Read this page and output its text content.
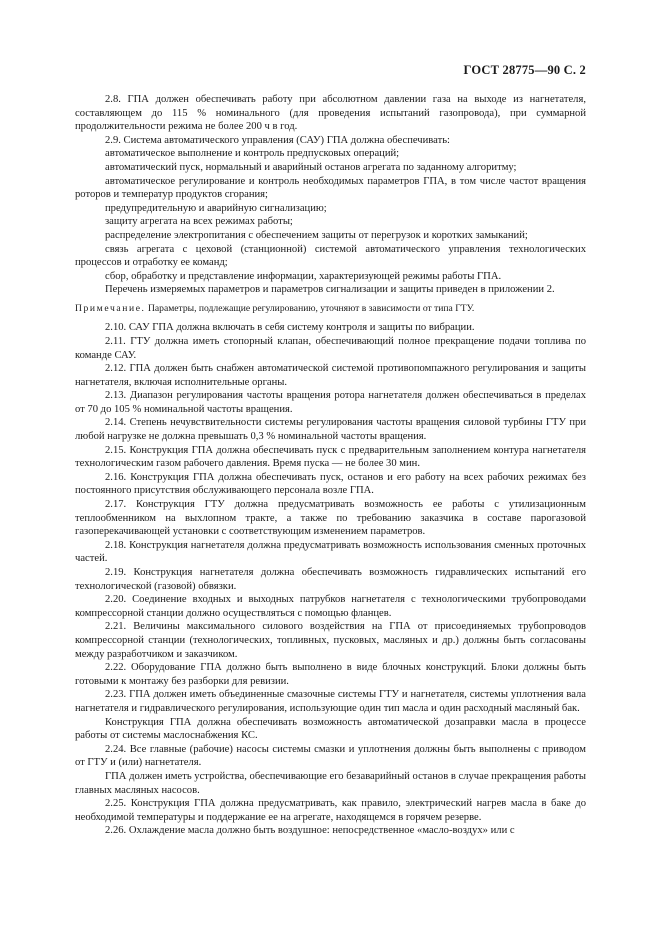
ГОСТ 28775—90 С. 2

2.8. ГПА должен обеспечивать работу при абсолютном давлении газа на выходе из нагнетателя, составляющем до 115 % номинального (для проведения испытаний газопровода), при суммарной продолжительности режима не более 200 ч в год.

2.9. Система автоматического управления (САУ) ГПА должна обеспечивать:

автоматическое выполнение и контроль предпусковых операций;

автоматический пуск, нормальный и аварийный останов агрегата по заданному алгоритму;

автоматическое регулирование и контроль необходимых параметров ГПА, в том числе частот вращения роторов и температур продуктов сгорания;

предупредительную и аварийную сигнализацию;

защиту агрегата на всех режимах работы;

распределение электропитания с обеспечением защиты от перегрузок и коротких замыканий;

связь агрегата с цеховой (станционной) системой автоматического управления технологических процессов и отработку ее команд;

сбор, обработку и представление информации, характеризующей режимы работы ГПА.

Перечень измеряемых параметров и параметров сигнализации и защиты приведен в приложении 2.

Примечание. Параметры, подлежащие регулированию, уточняют в зависимости от типа ГТУ.

2.10. САУ ГПА должна включать в себя систему контроля и защиты по вибрации.

2.11. ГТУ должна иметь стопорный клапан, обеспечивающий полное прекращение подачи топлива по команде САУ.

2.12. ГПА должен быть снабжен автоматической системой противопомпажного регулирования и защиты нагнетателя, включая исполнительные органы.

2.13. Диапазон регулирования частоты вращения ротора нагнетателя должен обеспечиваться в пределах от 70 до 105 % номинальной частоты вращения.

2.14. Степень нечувствительности системы регулирования частоты вращения силовой турбины ГТУ при любой нагрузке не должна превышать 0,3 % номинальной частоты вращения.

2.15. Конструкция ГПА должна обеспечивать пуск с предварительным заполнением контура нагнетателя технологическим газом рабочего давления. Время пуска — не более 30 мин.

2.16. Конструкция ГПА должна обеспечивать пуск, останов и его работу на всех рабочих режимах без постоянного присутствия обслуживающего персонала возле ГПА.

2.17. Конструкция ГТУ должна предусматривать возможность ее работы с утилизационным теплообменником на выхлопном тракте, а также по требованию заказчика в составе парогазовой газоперекачивающей установки с соответствующим изменением параметров.

2.18. Конструкция нагнетателя должна предусматривать возможность использования сменных проточных частей.

2.19. Конструкция нагнетателя должна обеспечивать возможность гидравлических испытаний его технологической (газовой) обвязки.

2.20. Соединение входных и выходных патрубков нагнетателя с технологическими трубопроводами компрессорной станции должно осуществляться с помощью фланцев.

2.21. Величины максимального силового воздействия на ГПА от присоединяемых трубопроводов компрессорной станции (технологических, топливных, пусковых, масляных и др.) должны быть согласованы между разработчиком и заказчиком.

2.22. Оборудование ГПА должно быть выполнено в виде блочных конструкций. Блоки должны быть готовыми к монтажу без разборки для ревизии.

2.23. ГПА должен иметь объединенные смазочные системы ГТУ и нагнетателя, системы уплотнения вала нагнетателя и гидравлического регулирования, использующие один тип масла и один расходный масляный бак.

Конструкция ГПА должна обеспечивать возможность автоматической дозаправки масла в процессе работы от системы маслоснабжения КС.

2.24. Все главные (рабочие) насосы системы смазки и уплотнения должны быть выполнены с приводом от ГТУ и (или) нагнетателя.

ГПА должен иметь устройства, обеспечивающие его безаварийный останов в случае прекращения работы главных масляных насосов.

2.25. Конструкция ГПА должна предусматривать, как правило, электрический нагрев масла в баке до необходимой температуры и поддержание ее на агрегате, находящемся в горячем резерве.

2.26. Охлаждение масла должно быть воздушное: непосредственное «масло-воздух» или с
